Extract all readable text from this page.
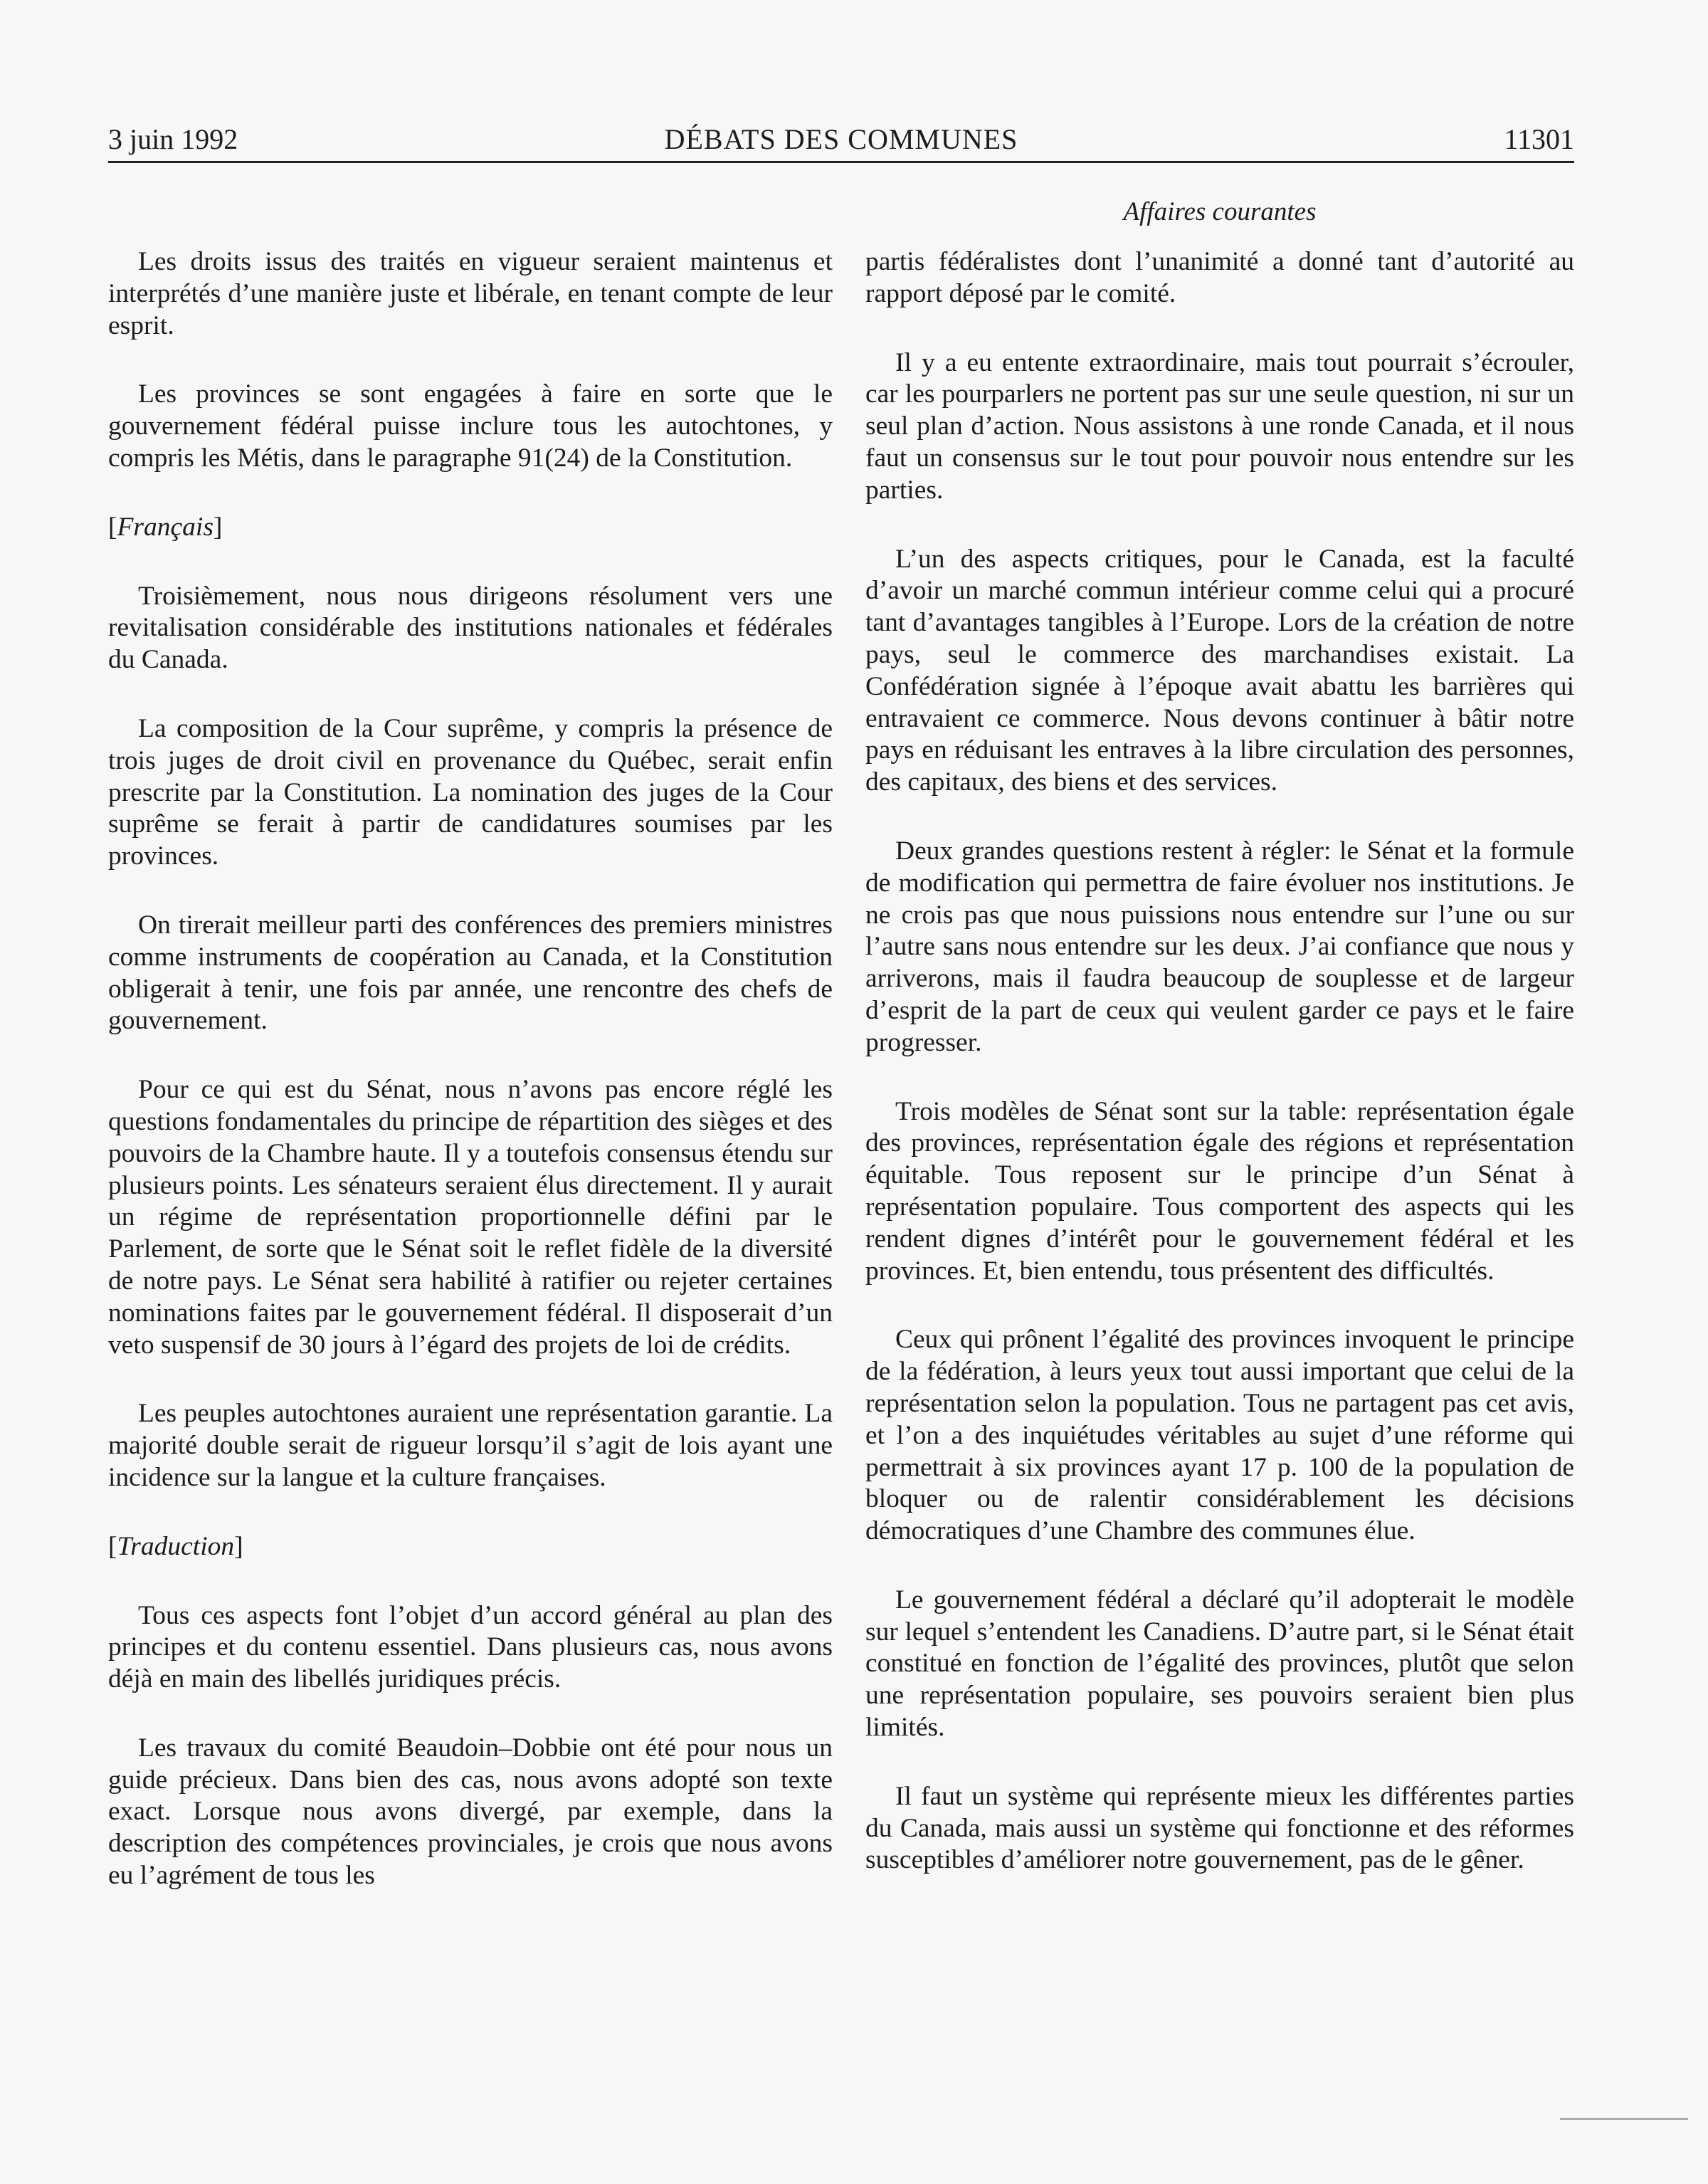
3 juin 1992	DÉBATS DES COMMUNES	11301
Affaires courantes

Les droits issus des traités en vigueur seraient maintenus et interprétés d’une manière juste et libérale, en tenant compte de leur esprit.

Les provinces se sont engagées à faire en sorte que le gouvernement fédéral puisse inclure tous les autochtones, y compris les Métis, dans le paragraphe 91(24) de la Constitution.

[Français]

Troisièmement, nous nous dirigeons résolument vers une revitalisation considérable des institutions nationales et fédérales du Canada.

La composition de la Cour suprême, y compris la présence de trois juges de droit civil en provenance du Québec, serait enfin prescrite par la Constitution. La nomination des juges de la Cour suprême se ferait à partir de candidatures soumises par les provinces.

On tirerait meilleur parti des conférences des premiers ministres comme instruments de coopération au Canada, et la Constitution obligerait à tenir, une fois par année, une rencontre des chefs de gouvernement.

Pour ce qui est du Sénat, nous n’avons pas encore réglé les questions fondamentales du principe de répartition des sièges et des pouvoirs de la Chambre haute. Il y a toutefois consensus étendu sur plusieurs points. Les sénateurs seraient élus directement. Il y aurait un régime de représentation proportionnelle défini par le Parlement, de sorte que le Sénat soit le reflet fidèle de la diversité de notre pays. Le Sénat sera habilité à ratifier ou rejeter certaines nominations faites par le gouvernement fédéral. Il disposerait d’un veto suspensif de 30 jours à l’égard des projets de loi de crédits.

Les peuples autochtones auraient une représentation garantie. La majorité double serait de rigueur lorsqu’il s’agit de lois ayant une incidence sur la langue et la culture françaises.

[Traduction]

Tous ces aspects font l’objet d’un accord général au plan des principes et du contenu essentiel. Dans plusieurs cas, nous avons déjà en main des libellés juridiques précis.

Les travaux du comité Beaudoin–Dobbie ont été pour nous un guide précieux. Dans bien des cas, nous avons adopté son texte exact. Lorsque nous avons divergé, par exemple, dans la description des compétences provinciales, je crois que nous avons eu l’agrément de tous les

partis fédéralistes dont l’unanimité a donné tant d’autorité au rapport déposé par le comité.

Il y a eu entente extraordinaire, mais tout pourrait s’écrouler, car les pourparlers ne portent pas sur une seule question, ni sur un seul plan d’action. Nous assistons à une ronde Canada, et il nous faut un consensus sur le tout pour pouvoir nous entendre sur les parties.

L’un des aspects critiques, pour le Canada, est la faculté d’avoir un marché commun intérieur comme celui qui a procuré tant d’avantages tangibles à l’Europe. Lors de la création de notre pays, seul le commerce des marchandises existait. La Confédération signée à l’époque avait abattu les barrières qui entravaient ce commerce. Nous devons continuer à bâtir notre pays en réduisant les entraves à la libre circulation des personnes, des capitaux, des biens et des services.

Deux grandes questions restent à régler: le Sénat et la formule de modification qui permettra de faire évoluer nos institutions. Je ne crois pas que nous puissions nous entendre sur l’une ou sur l’autre sans nous entendre sur les deux. J’ai confiance que nous y arriverons, mais il faudra beaucoup de souplesse et de largeur d’esprit de la part de ceux qui veulent garder ce pays et le faire progresser.

Trois modèles de Sénat sont sur la table: représentation égale des provinces, représentation égale des régions et représentation équitable. Tous reposent sur le principe d’un Sénat à représentation populaire. Tous comportent des aspects qui les rendent dignes d’intérêt pour le gouvernement fédéral et les provinces. Et, bien entendu, tous présentent des difficultés.

Ceux qui prônent l’égalité des provinces invoquent le principe de la fédération, à leurs yeux tout aussi important que celui de la représentation selon la population. Tous ne partagent pas cet avis, et l’on a des inquiétudes véritables au sujet d’une réforme qui permettrait à six provinces ayant 17 p. 100 de la population de bloquer ou de ralentir considérablement les décisions démocratiques d’une Chambre des communes élue.

Le gouvernement fédéral a déclaré qu’il adopterait le modèle sur lequel s’entendent les Canadiens. D’autre part, si le Sénat était constitué en fonction de l’égalité des provinces, plutôt que selon une représentation populaire, ses pouvoirs seraient bien plus limités.

Il faut un système qui représente mieux les différentes parties du Canada, mais aussi un système qui fonctionne et des réformes susceptibles d’améliorer notre gouvernement, pas de le gêner.
